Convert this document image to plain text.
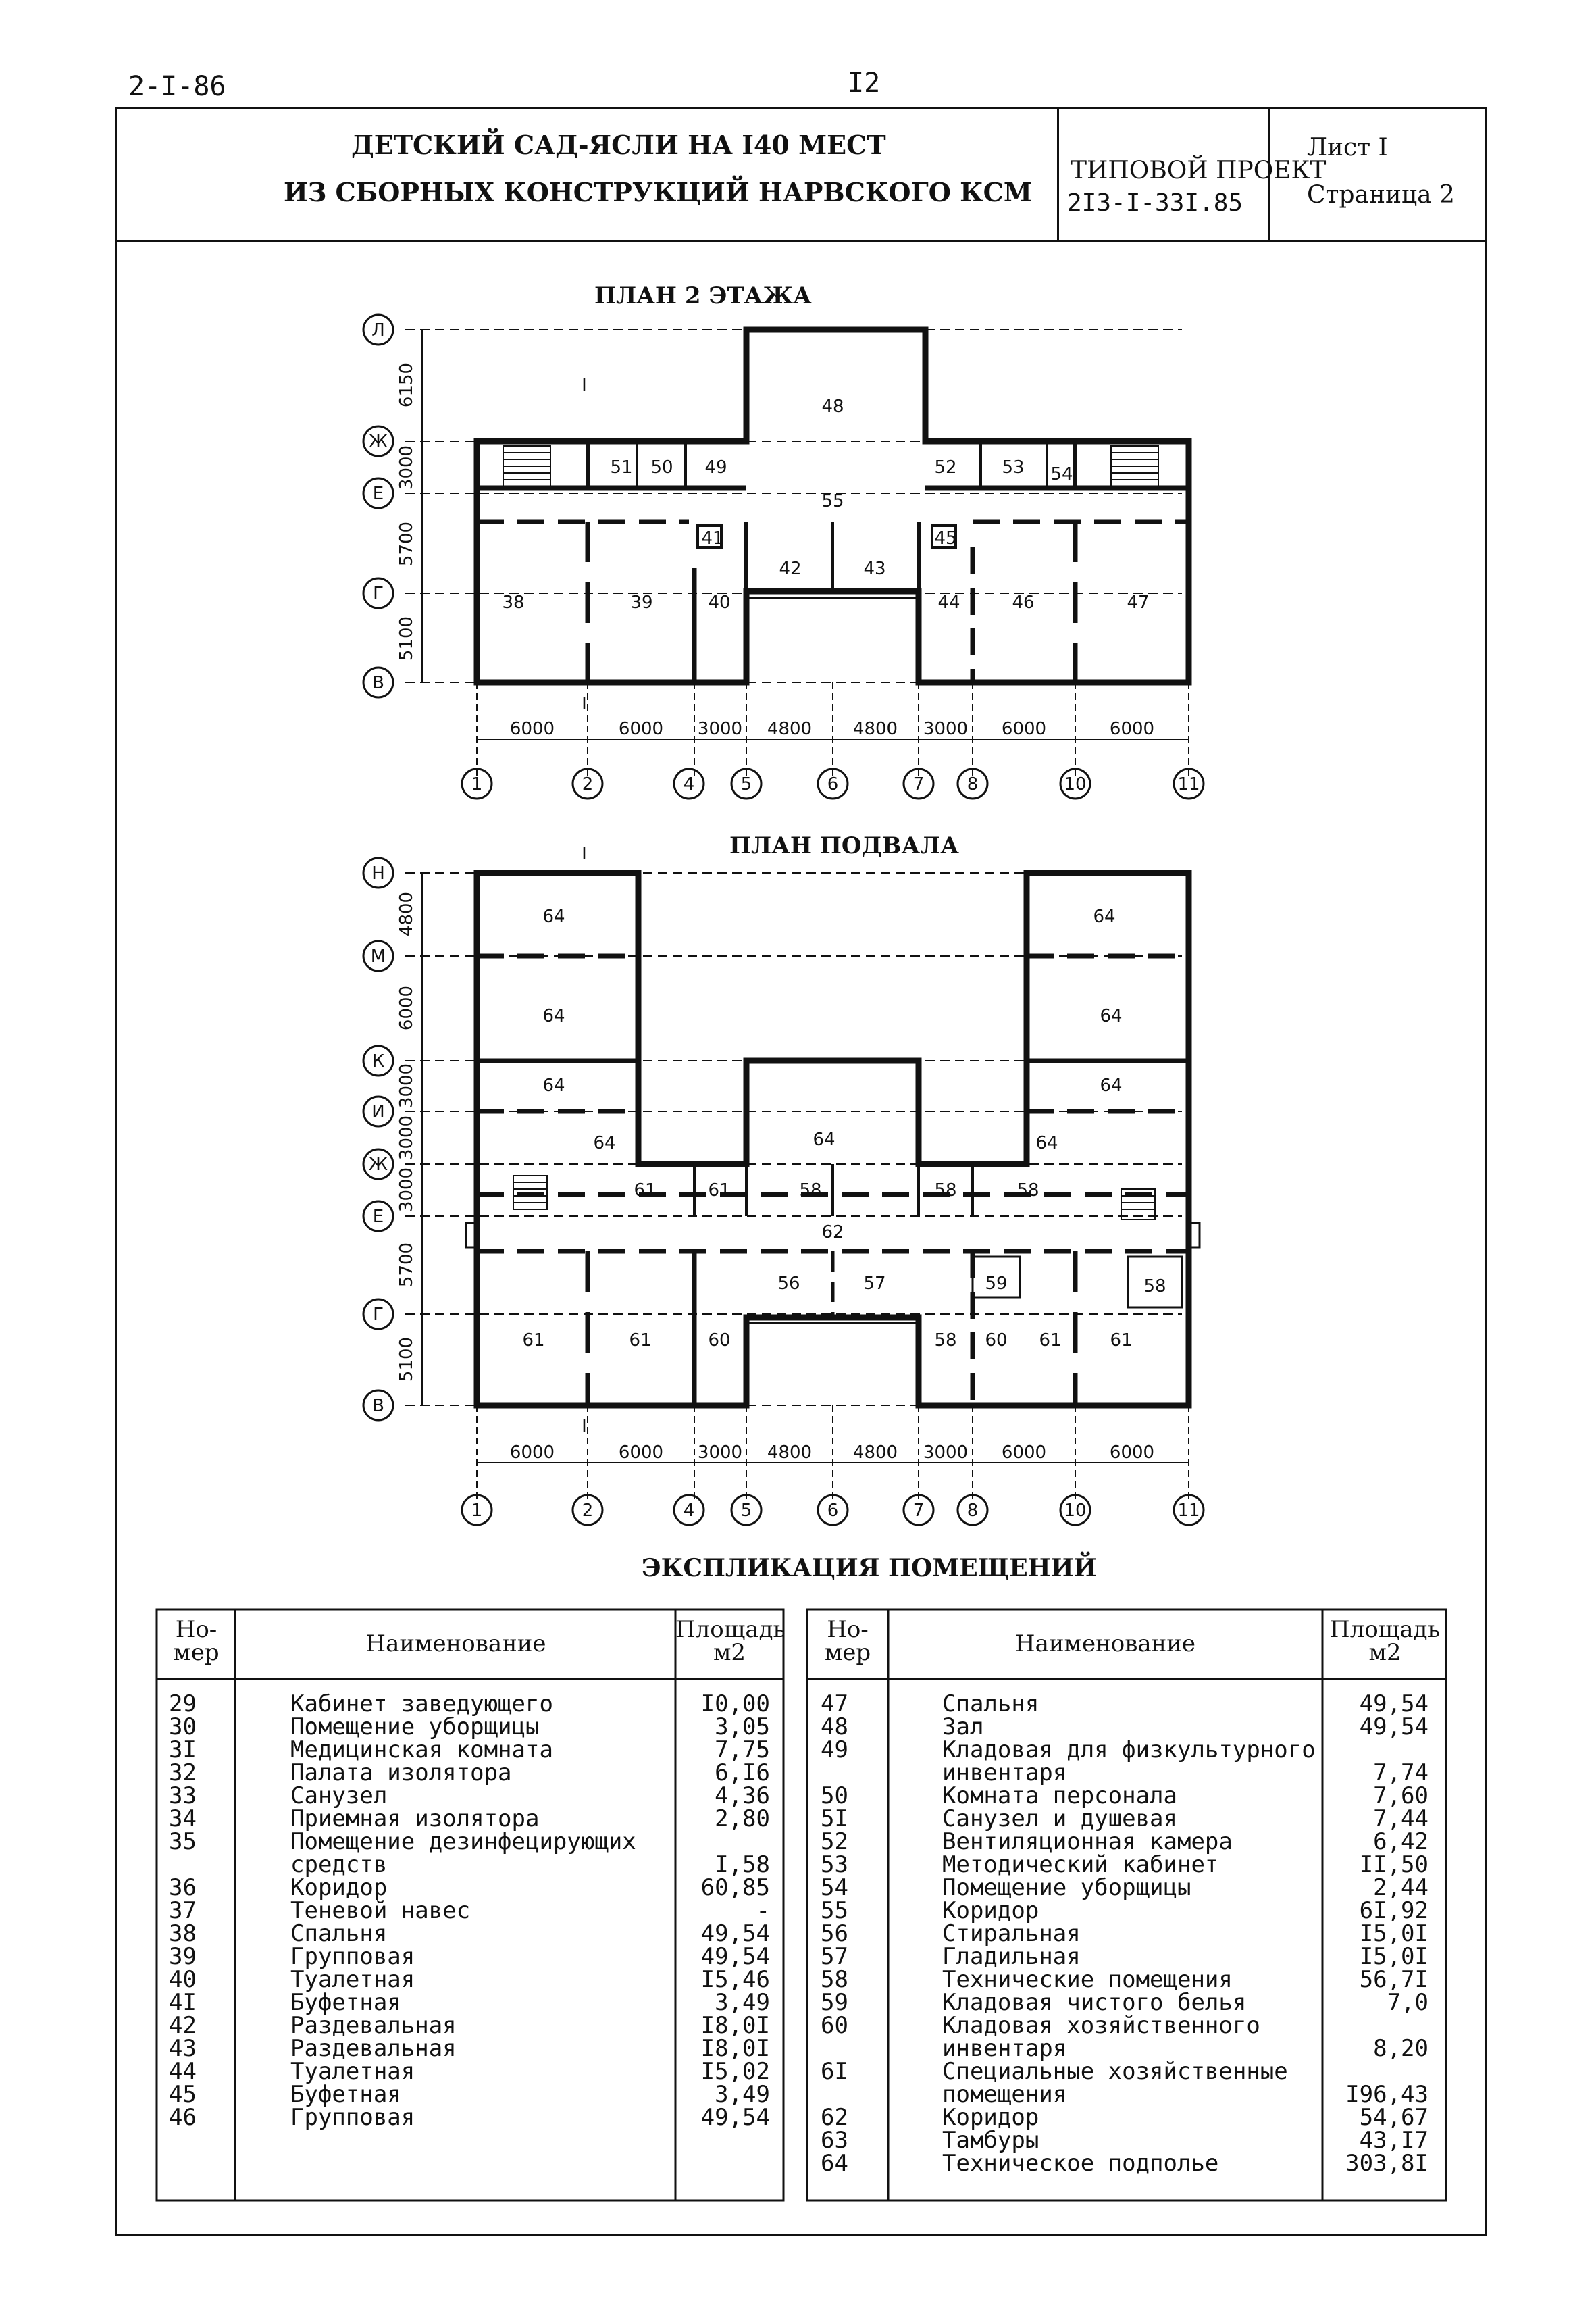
2-I-86	I2
ДЕТСКИЙ САД-ЯСЛИ НА I40 МЕСТ
ИЗ СБОРНЫХ КОНСТРУКЦИЙ НАРВСКОГО КСМ
ТИПОВОЙ ПРОЕКТ
2I3-I-33I.85
Лист I
Страница 2
ПЛАН 2 ЭТАЖА
Л
Ж
Е
Г
В
1	2	4	5	6	7 8	10	11
6000	6000 3000 4800 4800 3000 6000	6000
6150
3000
5700
5100
48
51 50 49	52	53 54
55
41	45
42	43
38	39	40	44	46	47
I
I
ПЛАН ПОДВАЛА
Н
М
К
И
Ж
Е
Г
В
1	2	4	5	6	7 8	10	11
6000	6000 3000 4800 4800 3000 6000	6000
4800
6000
3000
3000
3000
5700
5100
64
64
64
64
64
64
64
64
64
61	61	58	58	58
62
56	57	59	58
61	61	60	58 60 61	61
I
I
ЭКСПЛИКАЦИЯ ПОМЕЩЕНИЙ
Но-
мер	Наименование
Площадь
м2
Но-
мер	Наименование
Площадь
м2
29	Кабинет заведующего	I0,00
30	Помещение уборщицы	3,05
3I	Медицинская комната	7,75
32	Палата изолятора	6,I6
33	Санузел	4,36
34	Приемная изолятора	2,80
35	Помещение дезинфецирующих
средств	I,58
36	Коридор	60,85
37	Теневой навес	-
38	Спальня	49,54
39	Групповая	49,54
40	Туалетная	I5,46
4I	Буфетная	3,49
42	Раздевальная	I8,0I
43	Раздевальная	I8,0I
44	Туалетная	I5,02
45	Буфетная	3,49
46	Групповая	49,54
47	Спальня	49,54
48	Зал	49,54
49	Кладовая для физкультурного
инвентаря	7,74
50	Комната персонала	7,60
5I	Санузел и душевая	7,44
52	Вентиляционная камера	6,42
53	Методический кабинет	II,50
54	Помещение уборщицы	2,44
55	Коридор	6I,92
56	Стиральная	I5,0I
57	Гладильная	I5,0I
58	Технические помещения	56,7I
59	Кладовая чистого белья	7,0
60	Кладовая хозяйственного
инвентаря	8,20
6I	Специальные хозяйственные
помещения	I96,43
62	Коридор	54,67
63	Тамбуры	43,I7
64	Техническое подполье	303,8I
